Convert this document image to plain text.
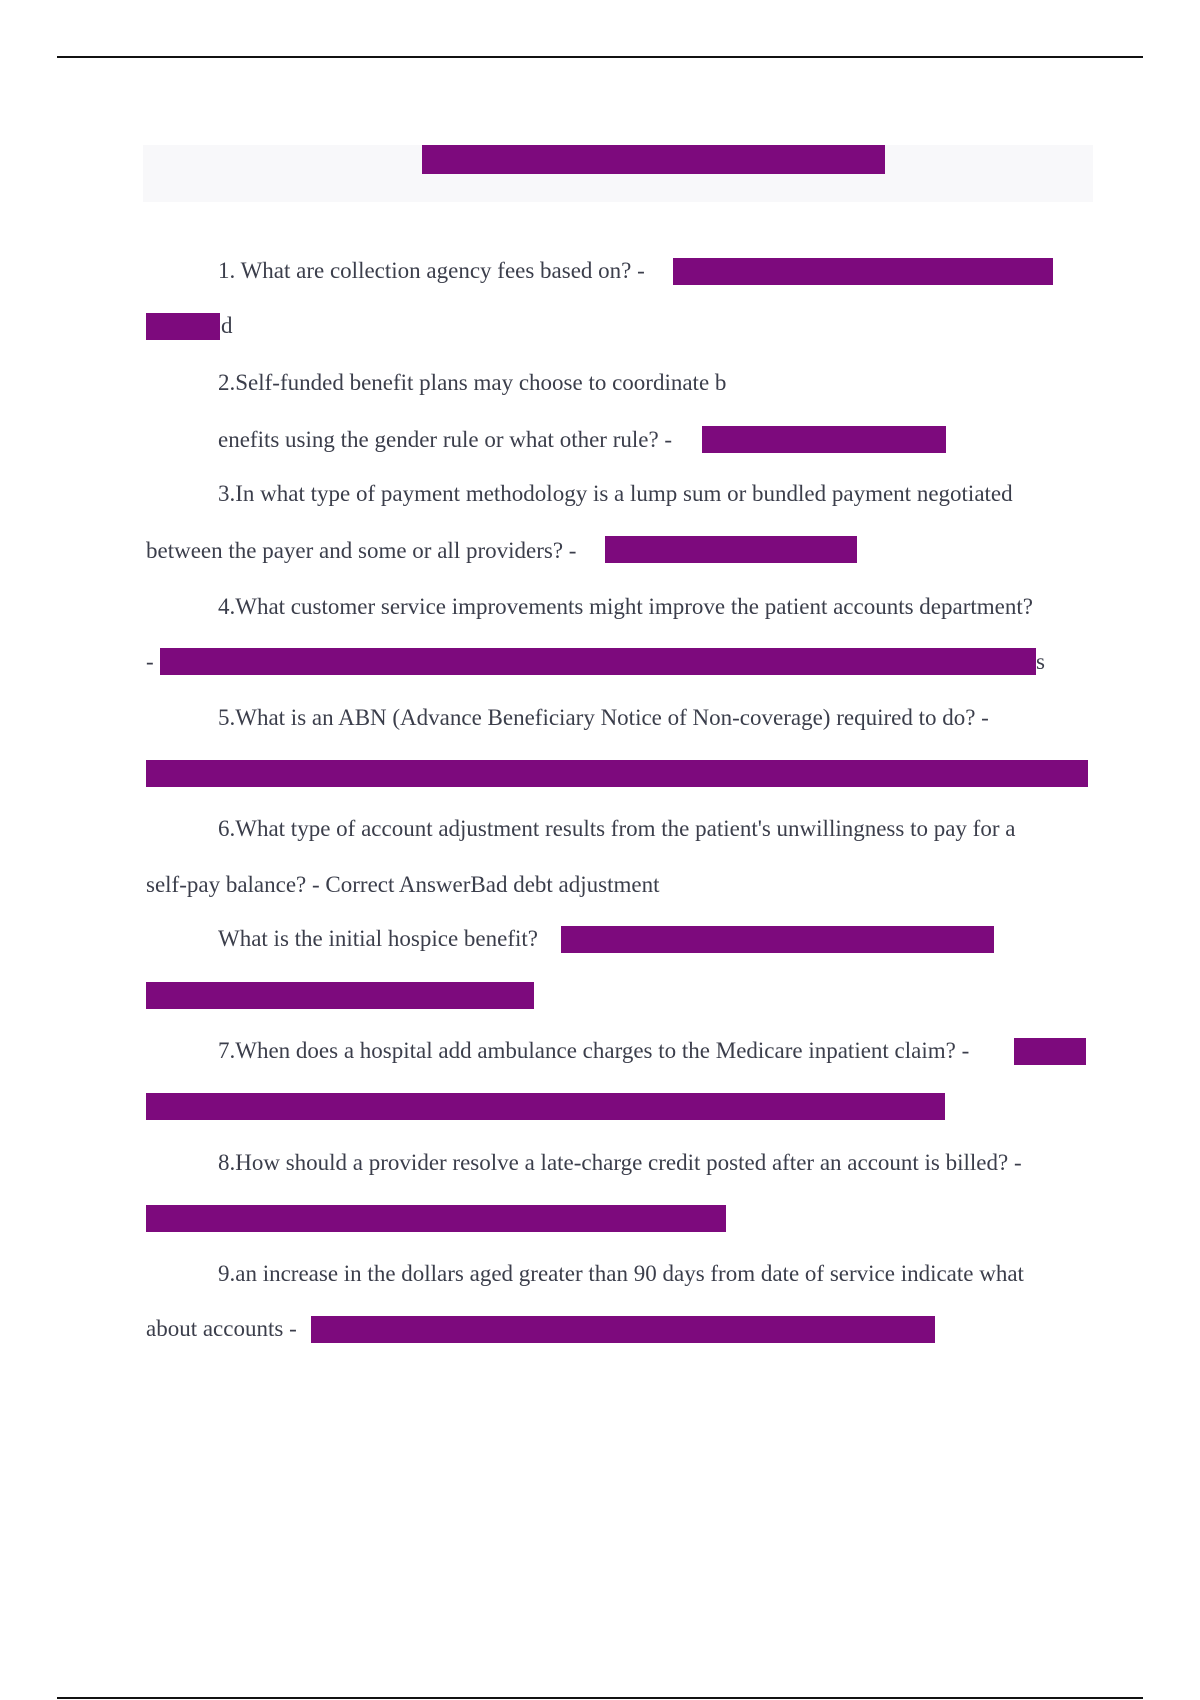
1. What are collection agency fees based on? -
d
2.Self-funded benefit plans may choose to coordinate b
enefits using the gender rule or what other rule? -
3.In what type of payment methodology is a lump sum or bundled payment negotiated
between the payer and some or all providers? -
4.What customer service improvements might improve the patient accounts department?
-	s
5.What is an ABN (Advance Beneficiary Notice of Non-coverage) required to do? -
6.What type of account adjustment results from the patient's unwillingness to pay for a
self-pay balance? - Correct AnswerBad debt adjustment
What is the initial hospice benefit?
7.When does a hospital add ambulance charges to the Medicare inpatient claim? -
8.How should a provider resolve a late-charge credit posted after an account is billed? -
9.an increase in the dollars aged greater than 90 days from date of service indicate what
about accounts -
